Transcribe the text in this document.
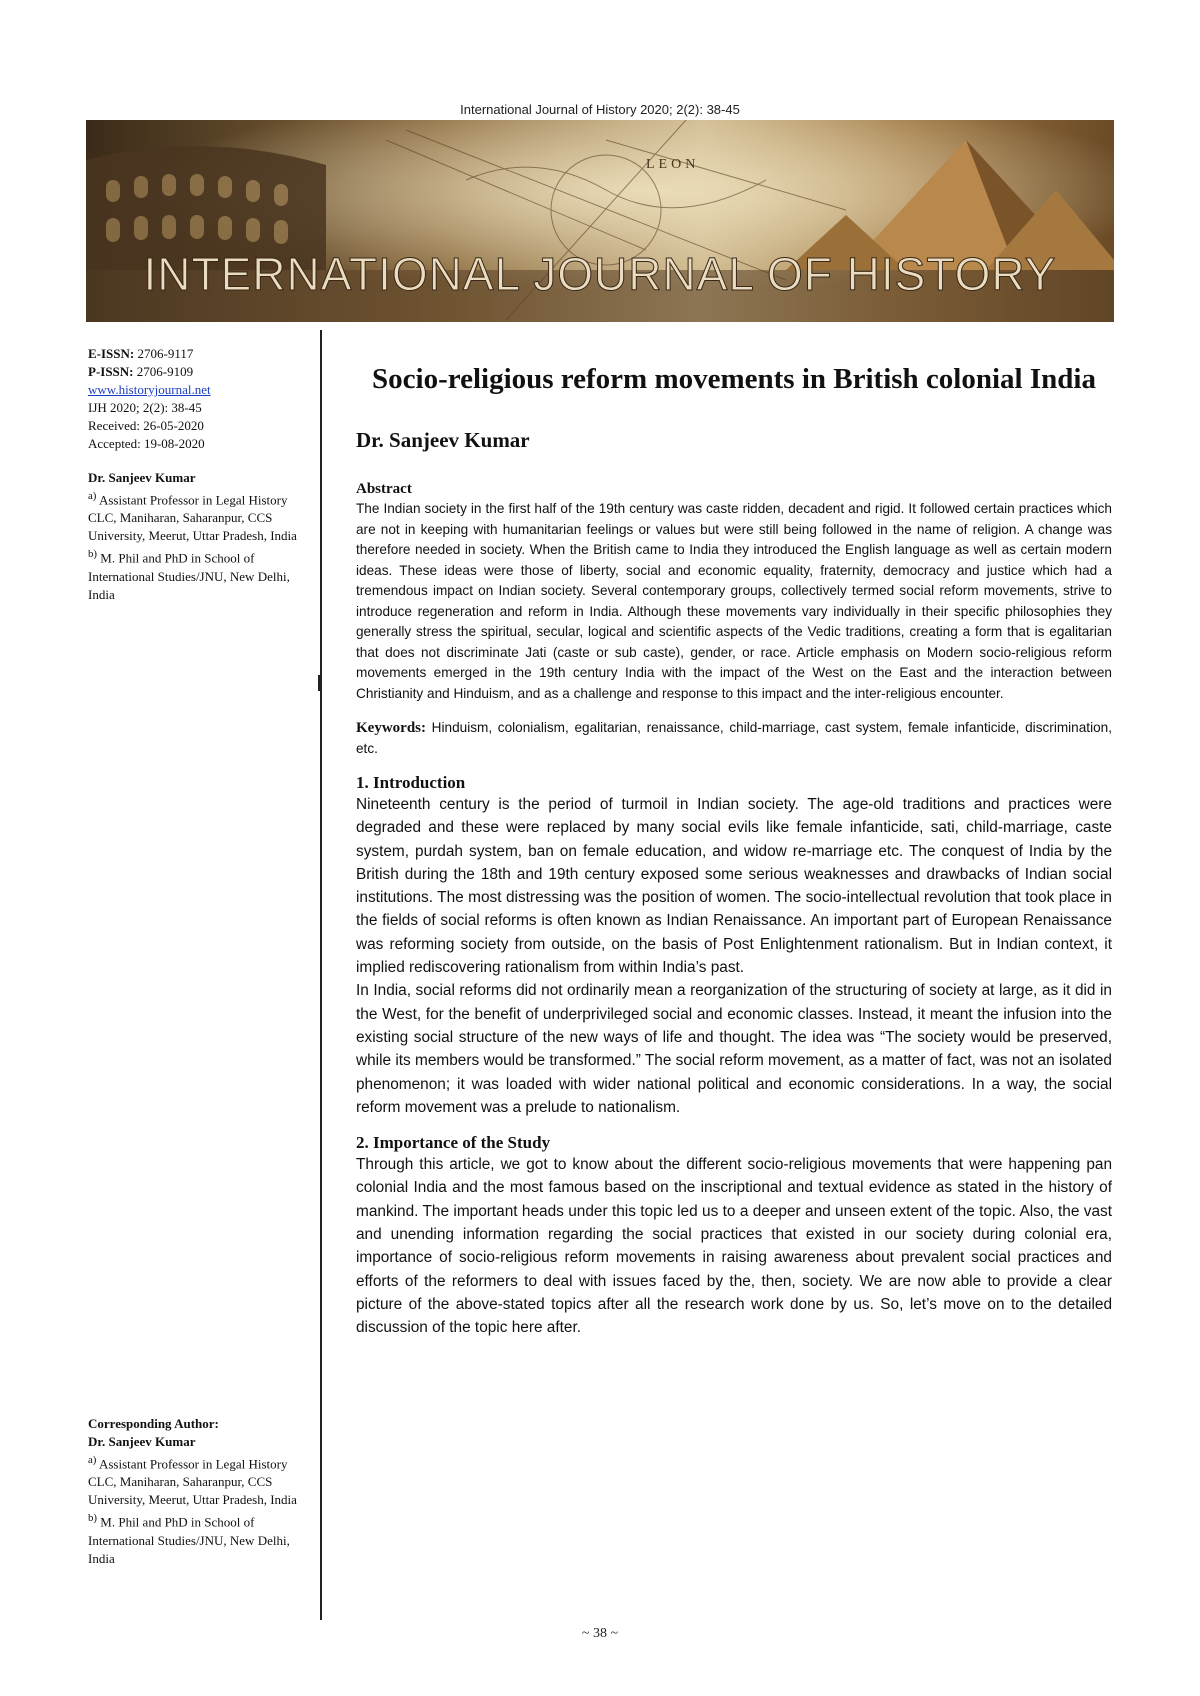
International Journal of History 2020; 2(2): 38-45
LEON
INTERNATIONAL JOURNAL OF HISTORY
E-ISSN: 2706-9117
P-ISSN: 2706-9109
www.historyjournal.net
IJH 2020; 2(2): 38-45
Received: 26-05-2020
Accepted: 19-08-2020
Dr. Sanjeev Kumar
$^{a)}$ Assistant Professor in Legal History CLC, Maniharan, Saharanpur, CCS University, Meerut, Uttar Pradesh, India
$^{b)}$ M. Phil and PhD in School of International Studies/JNU, New Delhi, India
Corresponding Author:
Dr. Sanjeev Kumar
$^{a)}$ Assistant Professor in Legal History CLC, Maniharan, Saharanpur, CCS University, Meerut, Uttar Pradesh, India
$^{b)}$ M. Phil and PhD in School of International Studies/JNU, New Delhi, India
Socio-religious reform movements in British colonial India
Dr. Sanjeev Kumar
Abstract

The Indian society in the first half of the 19th century was caste ridden, decadent and rigid. It followed certain practices which are not in keeping with humanitarian feelings or values but were still being followed in the name of religion. A change was therefore needed in society. When the British came to India they introduced the English language as well as certain modern ideas. These ideas were those of liberty, social and economic equality, fraternity, democracy and justice which had a tremendous impact on Indian society. Several contemporary groups, collectively termed social reform movements, strive to introduce regeneration and reform in India. Although these movements vary individually in their specific philosophies they generally stress the spiritual, secular, logical and scientific aspects of the Vedic traditions, creating a form that is egalitarian that does not discriminate Jati (caste or sub caste), gender, or race. Article emphasis on Modern socio-religious reform movements emerged in the 19th century India with the impact of the West on the East and the interaction between Christianity and Hinduism, and as a challenge and response to this impact and the inter-religious encounter.

Keywords: Hinduism, colonialism, egalitarian, renaissance, child-marriage, cast system, female infanticide, discrimination, etc.

1. Introduction

Nineteenth century is the period of turmoil in Indian society. The age-old traditions and practices were degraded and these were replaced by many social evils like female infanticide, sati, child-marriage, caste system, purdah system, ban on female education, and widow re-marriage etc. The conquest of India by the British during the 18th and 19th century exposed some serious weaknesses and drawbacks of Indian social institutions. The most distressing was the position of women. The socio-intellectual revolution that took place in the fields of social reforms is often known as Indian Renaissance. An important part of European Renaissance was reforming society from outside, on the basis of Post Enlightenment rationalism. But in Indian context, it implied rediscovering rationalism from within India’s past.

In India, social reforms did not ordinarily mean a reorganization of the structuring of society at large, as it did in the West, for the benefit of underprivileged social and economic classes. Instead, it meant the infusion into the existing social structure of the new ways of life and thought. The idea was “The society would be preserved, while its members would be transformed.” The social reform movement, as a matter of fact, was not an isolated phenomenon; it was loaded with wider national political and economic considerations. In a way, the social reform movement was a prelude to nationalism.

2. Importance of the Study

Through this article, we got to know about the different socio-religious movements that were happening pan colonial India and the most famous based on the inscriptional and textual evidence as stated in the history of mankind. The important heads under this topic led us to a deeper and unseen extent of the topic. Also, the vast and unending information regarding the social practices that existed in our society during colonial era, importance of socio-religious reform movements in raising awareness about prevalent social practices and efforts of the reformers to deal with issues faced by the, then, society. We are now able to provide a clear picture of the above-stated topics after all the research work done by us. So, let’s move on to the detailed discussion of the topic here after.

~ 38 ~
